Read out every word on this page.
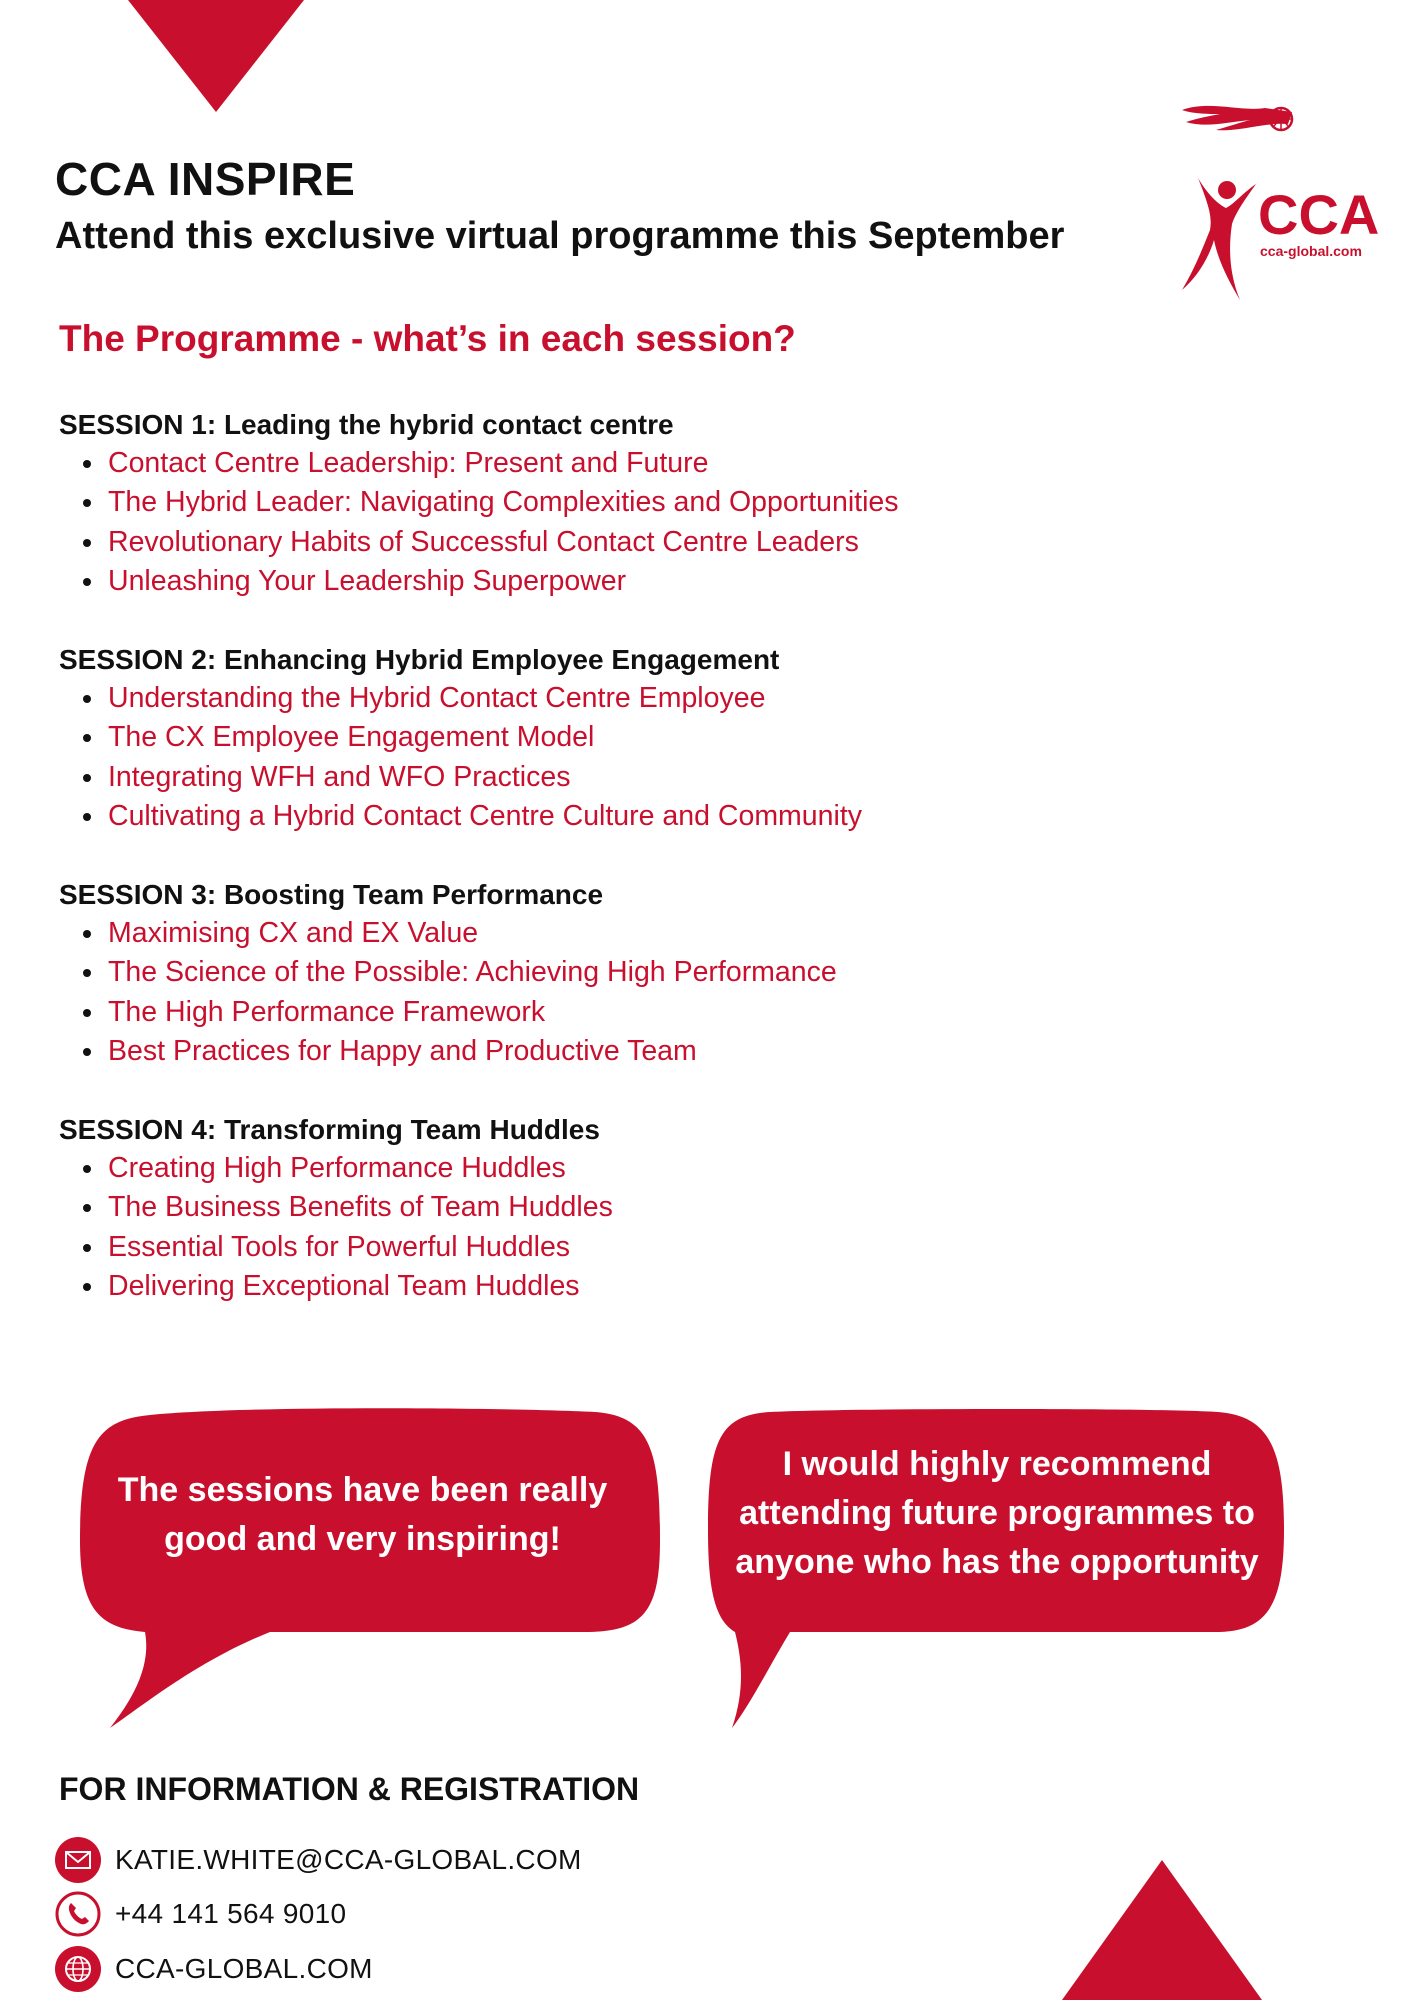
CCA INSPIRE
Attend this exclusive virtual programme this September	CCA
cca-global.com
The Programme - what’s in each session?
SESSION 1: Leading the hybrid contact centre
Contact Centre Leadership: Present and Future
The Hybrid Leader: Navigating Complexities and Opportunities
Revolutionary Habits of Successful Contact Centre Leaders
Unleashing Your Leadership Superpower
SESSION 2: Enhancing Hybrid Employee Engagement
Understanding the Hybrid Contact Centre Employee
The CX Employee Engagement Model
Integrating WFH and WFO Practices
Cultivating a Hybrid Contact Centre Culture and Community
SESSION 3: Boosting Team Performance
Maximising CX and EX Value
The Science of the Possible: Achieving High Performance
The High Performance Framework
Best Practices for Happy and Productive Team
SESSION 4: Transforming Team Huddles
Creating High Performance Huddles
The Business Benefits of Team Huddles
Essential Tools for Powerful Huddles
Delivering Exceptional Team Huddles
The sessions have been really
good and very inspiring!
I would highly recommend
attending future programmes to
anyone who has the opportunity
FOR INFORMATION & REGISTRATION
KATIE.WHITE@CCA-GLOBAL.COM
+44 141 564 9010
CCA-GLOBAL.COM
